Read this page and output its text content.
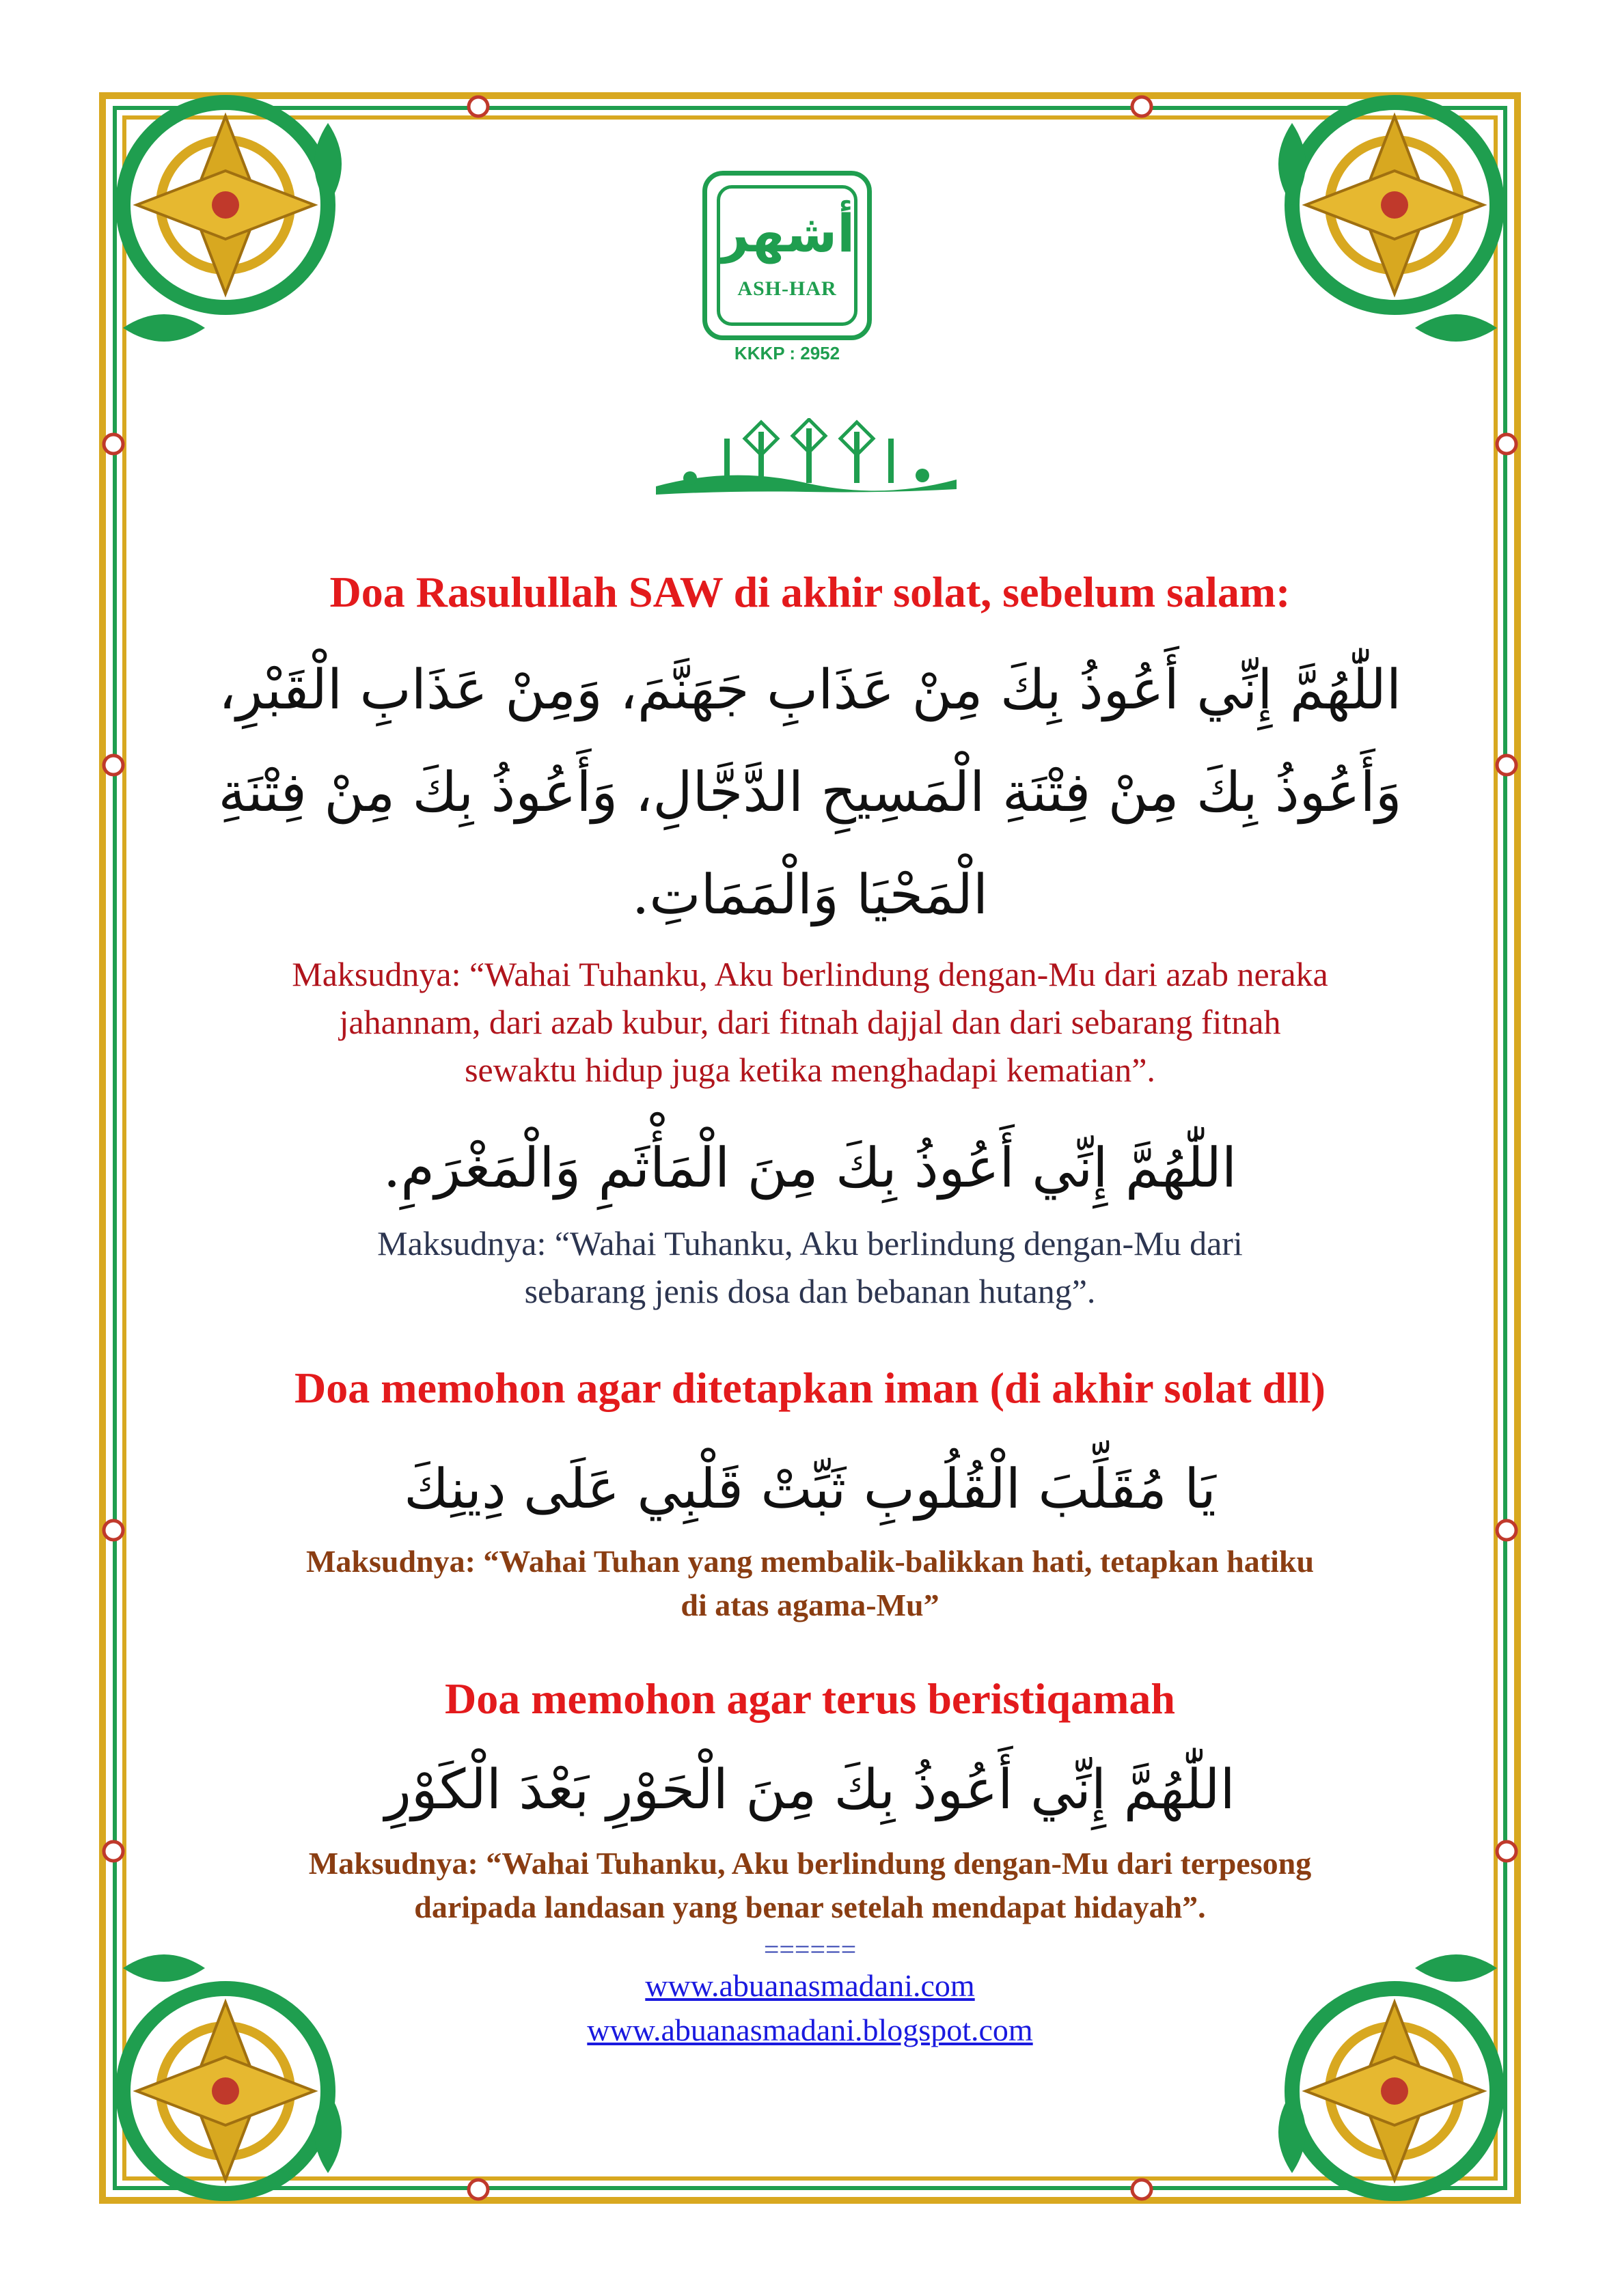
أشهر
ASH-HAR
KKKP : 2952
Doa Rasulullah SAW di akhir solat, sebelum salam:
اللّٰهُمَّ إِنِّي أَعُوذُ بِكَ مِنْ عَذَابِ جَهَنَّمَ، وَمِنْ عَذَابِ الْقَبْرِ،
وَأَعُوذُ بِكَ مِنْ فِتْنَةِ الْمَسِيحِ الدَّجَّالِ، وَأَعُوذُ بِكَ مِنْ فِتْنَةِ
الْمَحْيَا وَالْمَمَاتِ.
Maksudnya: “Wahai Tuhanku, Aku berlindung dengan-Mu dari azab neraka
jahannam, dari azab kubur, dari fitnah dajjal dan dari sebarang fitnah
sewaktu hidup juga ketika menghadapi kematian”.
اللّٰهُمَّ إِنِّي أَعُوذُ بِكَ مِنَ الْمَأْثَمِ وَالْمَغْرَمِ.
Maksudnya: “Wahai Tuhanku, Aku berlindung dengan-Mu dari
sebarang jenis dosa dan bebanan hutang”.
Doa memohon agar ditetapkan iman (di akhir solat dll)
يَا مُقَلِّبَ الْقُلُوبِ ثَبِّتْ قَلْبِي عَلَى دِينِكَ
Maksudnya: “Wahai Tuhan yang membalik-balikkan hati, tetapkan hatiku
di atas agama-Mu”
Doa memohon agar terus beristiqamah
اللّٰهُمَّ إِنِّي أَعُوذُ بِكَ مِنَ الْحَوْرِ بَعْدَ الْكَوْرِ
Maksudnya: “Wahai Tuhanku, Aku berlindung dengan-Mu dari terpesong
daripada landasan yang benar setelah mendapat hidayah”.
======
www.abuanasmadani.com
www.abuanasmadani.blogspot.com
